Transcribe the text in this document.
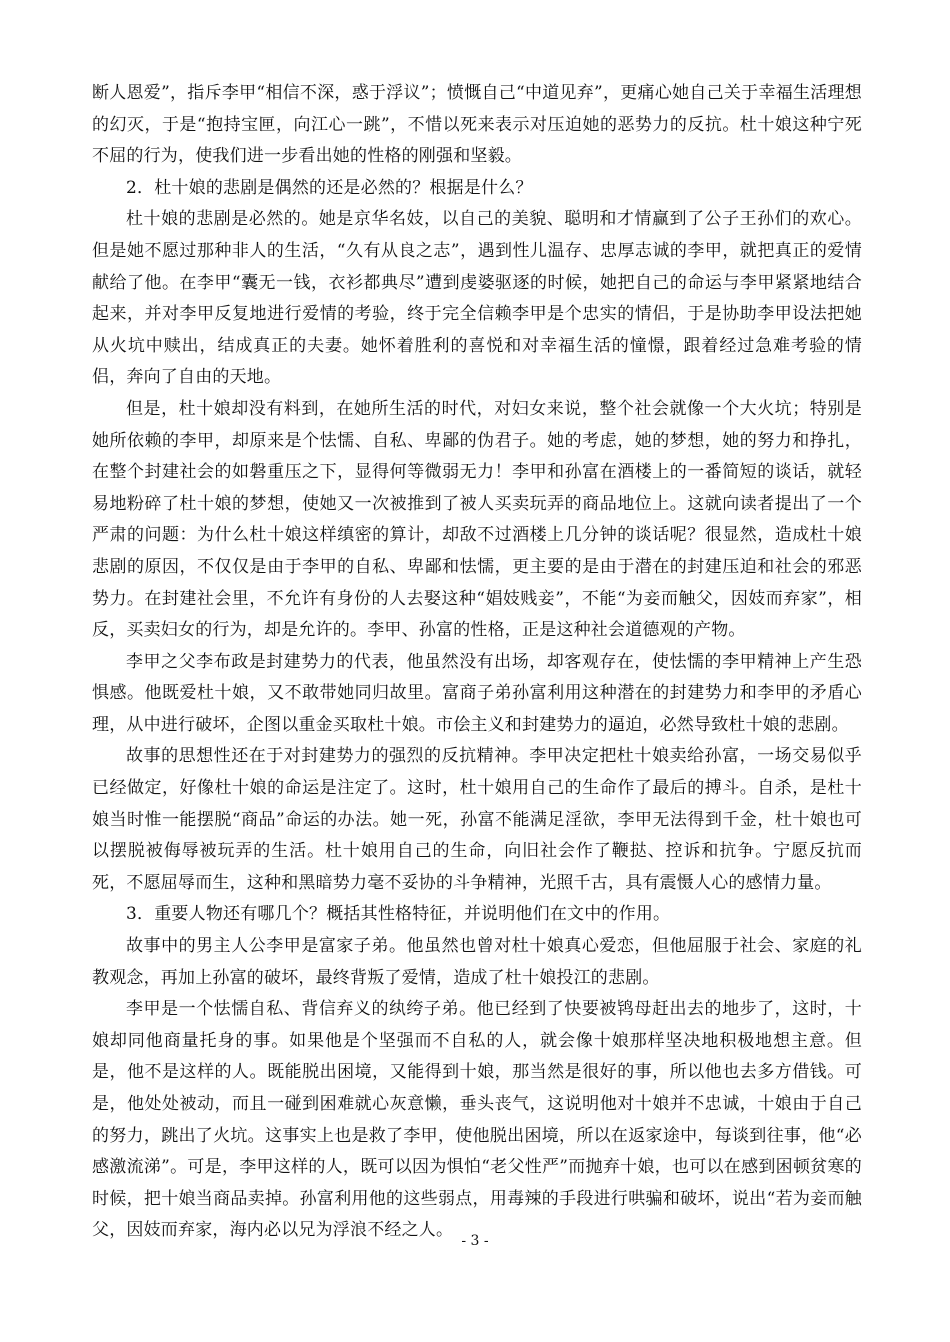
断人恩爱”，指斥李甲“相信不深，惑于浮议”；愤慨自己“中道见弃”，更痛心她自己关于幸福生活理想的幻灭，于是“抱持宝匣，向江心一跳”，不惜以死来表示对压迫她的恶势力的反抗。杜十娘这种宁死不屈的行为，使我们进一步看出她的性格的刚强和坚毅。

2．杜十娘的悲剧是偶然的还是必然的？根据是什么？

杜十娘的悲剧是必然的。她是京华名妓，以自己的美貌、聪明和才情赢到了公子王孙们的欢心。但是她不愿过那种非人的生活，“久有从良之志”，遇到性儿温存、忠厚志诚的李甲，就把真正的爱情献给了他。在李甲“囊无一钱，衣衫都典尽”遭到虔婆驱逐的时候，她把自己的命运与李甲紧紧地结合起来，并对李甲反复地进行爱情的考验，终于完全信赖李甲是个忠实的情侣，于是协助李甲设法把她从火坑中赎出，结成真正的夫妻。她怀着胜利的喜悦和对幸福生活的憧憬，跟着经过急难考验的情侣，奔向了自由的天地。

但是，杜十娘却没有料到，在她所生活的时代，对妇女来说，整个社会就像一个大火坑；特别是她所依赖的李甲，却原来是个怯懦、自私、卑鄙的伪君子。她的考虑，她的梦想，她的努力和挣扎，在整个封建社会的如磐重压之下，显得何等微弱无力！李甲和孙富在酒楼上的一番简短的谈话，就轻易地粉碎了杜十娘的梦想，使她又一次被推到了被人买卖玩弄的商品地位上。这就向读者提出了一个严肃的问题：为什么杜十娘这样缜密的算计，却敌不过酒楼上几分钟的谈话呢？很显然，造成杜十娘悲剧的原因，不仅仅是由于李甲的自私、卑鄙和怯懦，更主要的是由于潜在的封建压迫和社会的邪恶势力。在封建社会里，不允许有身份的人去娶这种“娼妓贱妾”，不能“为妾而触父，因妓而弃家”，相反，买卖妇女的行为，却是允许的。李甲、孙富的性格，正是这种社会道德观的产物。

李甲之父李布政是封建势力的代表，他虽然没有出场，却客观存在，使怯懦的李甲精神上产生恐惧感。他既爱杜十娘，又不敢带她同归故里。富商子弟孙富利用这种潜在的封建势力和李甲的矛盾心理，从中进行破坏，企图以重金买取杜十娘。市侩主义和封建势力的逼迫，必然导致杜十娘的悲剧。

故事的思想性还在于对封建势力的强烈的反抗精神。李甲决定把杜十娘卖给孙富，一场交易似乎已经做定，好像杜十娘的命运是注定了。这时，杜十娘用自己的生命作了最后的搏斗。自杀，是杜十娘当时惟一能摆脱“商品”命运的办法。她一死，孙富不能满足淫欲，李甲无法得到千金，杜十娘也可以摆脱被侮辱被玩弄的生活。杜十娘用自己的生命，向旧社会作了鞭挞、控诉和抗争。宁愿反抗而死，不愿屈辱而生，这种和黑暗势力毫不妥协的斗争精神，光照千古，具有震慑人心的感情力量。

3．重要人物还有哪几个？概括其性格特征，并说明他们在文中的作用。

故事中的男主人公李甲是富家子弟。他虽然也曾对杜十娘真心爱恋，但他屈服于社会、家庭的礼教观念，再加上孙富的破坏，最终背叛了爱情，造成了杜十娘投江的悲剧。

李甲是一个怯懦自私、背信弃义的纨绔子弟。他已经到了快要被鸨母赶出去的地步了，这时，十娘却同他商量托身的事。如果他是个坚强而不自私的人，就会像十娘那样坚决地积极地想主意。但是，他不是这样的人。既能脱出困境，又能得到十娘，那当然是很好的事，所以他也去多方借钱。可是，他处处被动，而且一碰到困难就心灰意懒，垂头丧气，这说明他对十娘并不忠诚，十娘由于自己的努力，跳出了火坑。这事实上也是救了李甲，使他脱出困境，所以在返家途中，每谈到往事，他“必感激流涕”。可是，李甲这样的人，既可以因为惧怕“老父性严”而抛弃十娘，也可以在感到困顿贫寒的时候，把十娘当商品卖掉。孙富利用他的这些弱点，用毒辣的手段进行哄骗和破坏，说出“若为妾而触父，因妓而弃家，海内必以兄为浮浪不经之人。

- 3 -
